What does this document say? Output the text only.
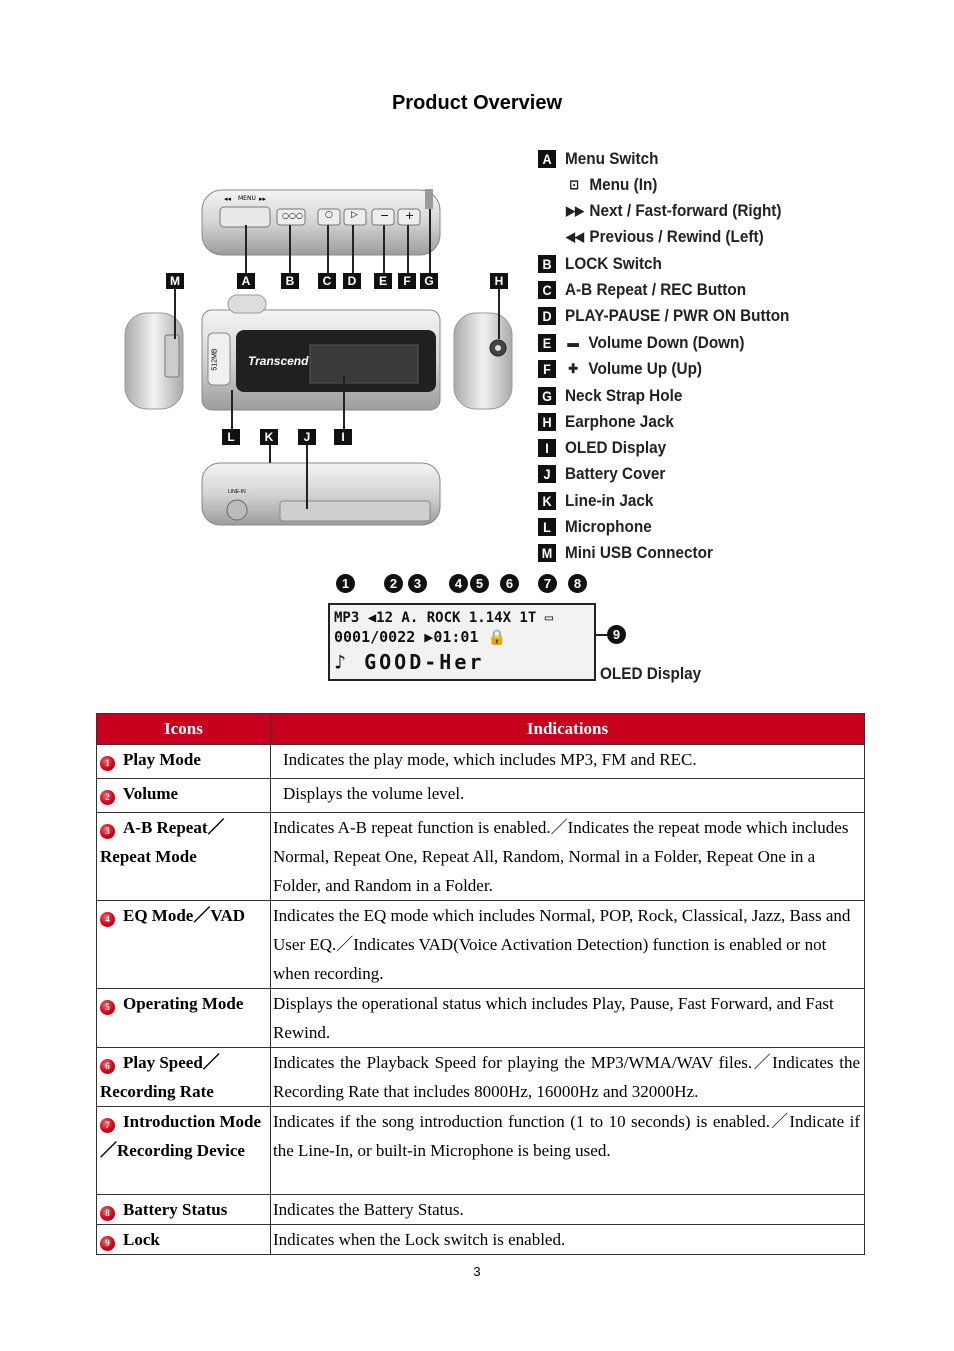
Product Overview
Transcend
512MB
LINE-IN
◂◂ MENU ▸▸
○○○ ○ ▷ − +
M	A	B	C	D	E	F	G	H
L	K	J	I
A Menu Switch
⊡ Menu (In)
▶▶ Next / Fast-forward (Right)
◀◀ Previous / Rewind (Left)
B LOCK Switch
C A-B Repeat / REC Button
D PLAY-PAUSE / PWR ON Button
E	▬ Volume Down (Down)
F	✚ Volume Up (Up)
G Neck Strap Hole
H Earphone Jack
I OLED Display
J Battery Cover
K Line-in Jack
L Microphone
M Mini USB Connector
1	2	3	4	5	6	7	8
9
MP3 ◀12 A. ROCK 1.14X 1T ▭
0001/0022 ▶01:01 🔒
♪ GOOD-Her	OLED Display
Icons	Indications
1 Play Mode	Indicates the play mode, which includes MP3, FM and REC.
2 Volume	Displays the volume level.
3 A-B Repeat／Repeat Mode	Indicates A-B repeat function is enabled.／Indicates the repeat mode which includes Normal, Repeat One, Repeat All, Random, Normal in a Folder, Repeat One in a Folder, and Random in a Folder.
4 EQ Mode／VAD	Indicates the EQ mode which includes Normal, POP, Rock, Classical, Jazz, Bass and User EQ.／Indicates VAD(Voice Activation Detection) function is enabled or not when recording.
5 Operating Mode	Displays the operational status which includes Play, Pause, Fast Forward, and Fast Rewind.
6 Play Speed／Recording Rate	Indicates the Playback Speed for playing the MP3/WMA/WAV files.／Indicates the Recording Rate that includes 8000Hz, 16000Hz and 32000Hz.
7 Introduction Mode／Recording Device	Indicates if the song introduction function (1 to 10 seconds) is enabled.／Indicate if the Line-In, or built-in Microphone is being used.
8 Battery Status	Indicates the Battery Status.
9 Lock	Indicates when the Lock switch is enabled.
3
